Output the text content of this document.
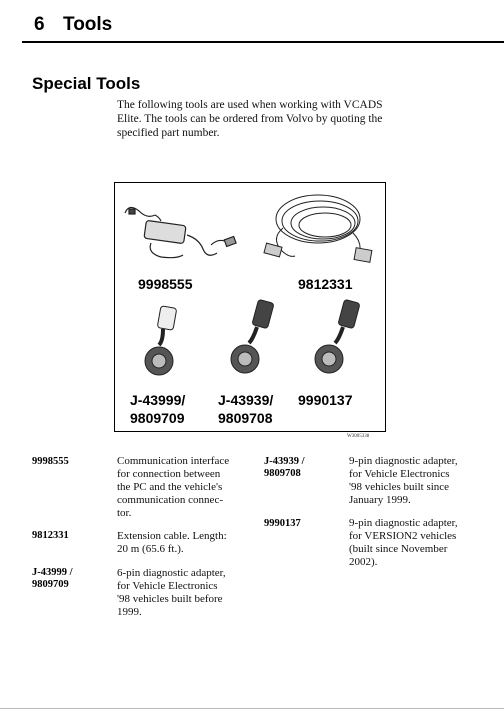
6 Tools
Special Tools
The following tools are used when working with VCADS Elite. The tools can be ordered from Volvo by quoting the specified part number.
9998555	9812331
J-43999/
9809709
J-43939/
9809708
9990137
W3005338
9998555	Communication interface
for connection between
the PC and the vehicle's
communication connec-
tor.
9812331	Extension cable. Length:
20 m (65.6 ft.).
J-43999 /
9809709
6-pin diagnostic adapter,
for Vehicle Electronics
'98 vehicles built before
1999.
J-43939 /
9809708
9-pin diagnostic adapter,
for Vehicle Electronics
'98 vehicles built since
January 1999.
9990137	9-pin diagnostic adapter,
for VERSION2 vehicles
(built since November
2002).
